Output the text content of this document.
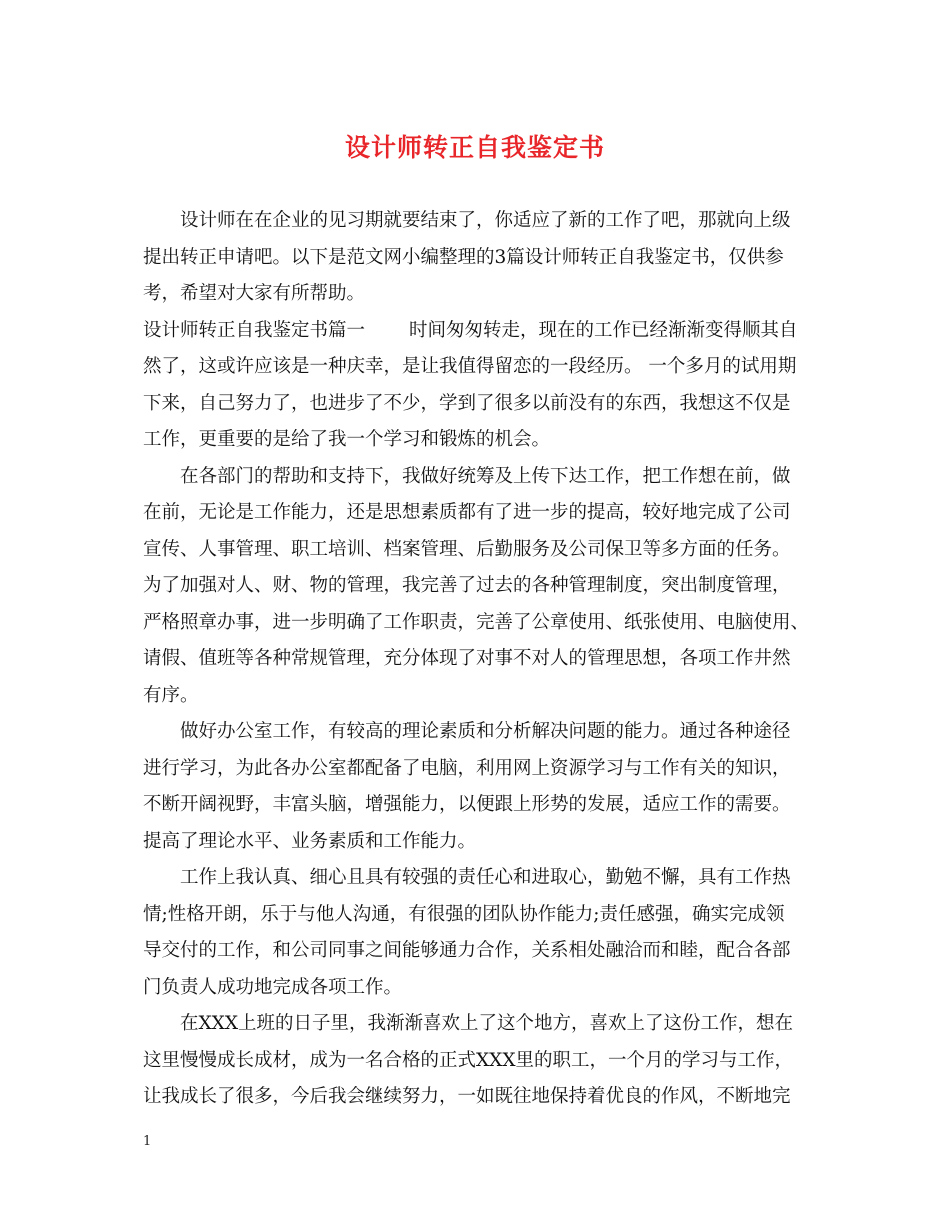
设计师转正自我鉴定书
设计师在在企业的见习期就要结束了，你适应了新的工作了吧，那就向上级
提出转正申请吧。以下是范文网小编整理的3篇设计师转正自我鉴定书，仅供参
考，希望对大家有所帮助。
设计师转正自我鉴定书篇一 时间匆匆转走，现在的工作已经渐渐变得顺其自
然了，这或许应该是一种庆幸，是让我值得留恋的一段经历。 一个多月的试用期
下来，自己努力了，也进步了不少，学到了很多以前没有的东西，我想这不仅是
工作，更重要的是给了我一个学习和锻炼的机会。
在各部门的帮助和支持下，我做好统筹及上传下达工作，把工作想在前，做
在前，无论是工作能力，还是思想素质都有了进一步的提高，较好地完成了公司
宣传、人事管理、职工培训、档案管理、后勤服务及公司保卫等多方面的任务。
为了加强对人、财、物的管理，我完善了过去的各种管理制度，突出制度管理，
严格照章办事，进一步明确了工作职责，完善了公章使用、纸张使用、电脑使用、
请假、值班等各种常规管理，充分体现了对事不对人的管理思想，各项工作井然
有序。
做好办公室工作，有较高的理论素质和分析解决问题的能力。通过各种途径
进行学习，为此各办公室都配备了电脑，利用网上资源学习与工作有关的知识，
不断开阔视野，丰富头脑，增强能力，以便跟上形势的发展，适应工作的需要。
提高了理论水平、业务素质和工作能力。
工作上我认真、细心且具有较强的责任心和进取心，勤勉不懈，具有工作热
情;性格开朗，乐于与他人沟通，有很强的团队协作能力;责任感强，确实完成领
导交付的工作，和公司同事之间能够通力合作，关系相处融洽而和睦，配合各部
门负责人成功地完成各项工作。
在XXX上班的日子里，我渐渐喜欢上了这个地方，喜欢上了这份工作，想在
这里慢慢成长成材，成为一名合格的正式XXX里的职工，一个月的学习与工作，
让我成长了很多，今后我会继续努力，一如既往地保持着优良的作风，不断地完
1
